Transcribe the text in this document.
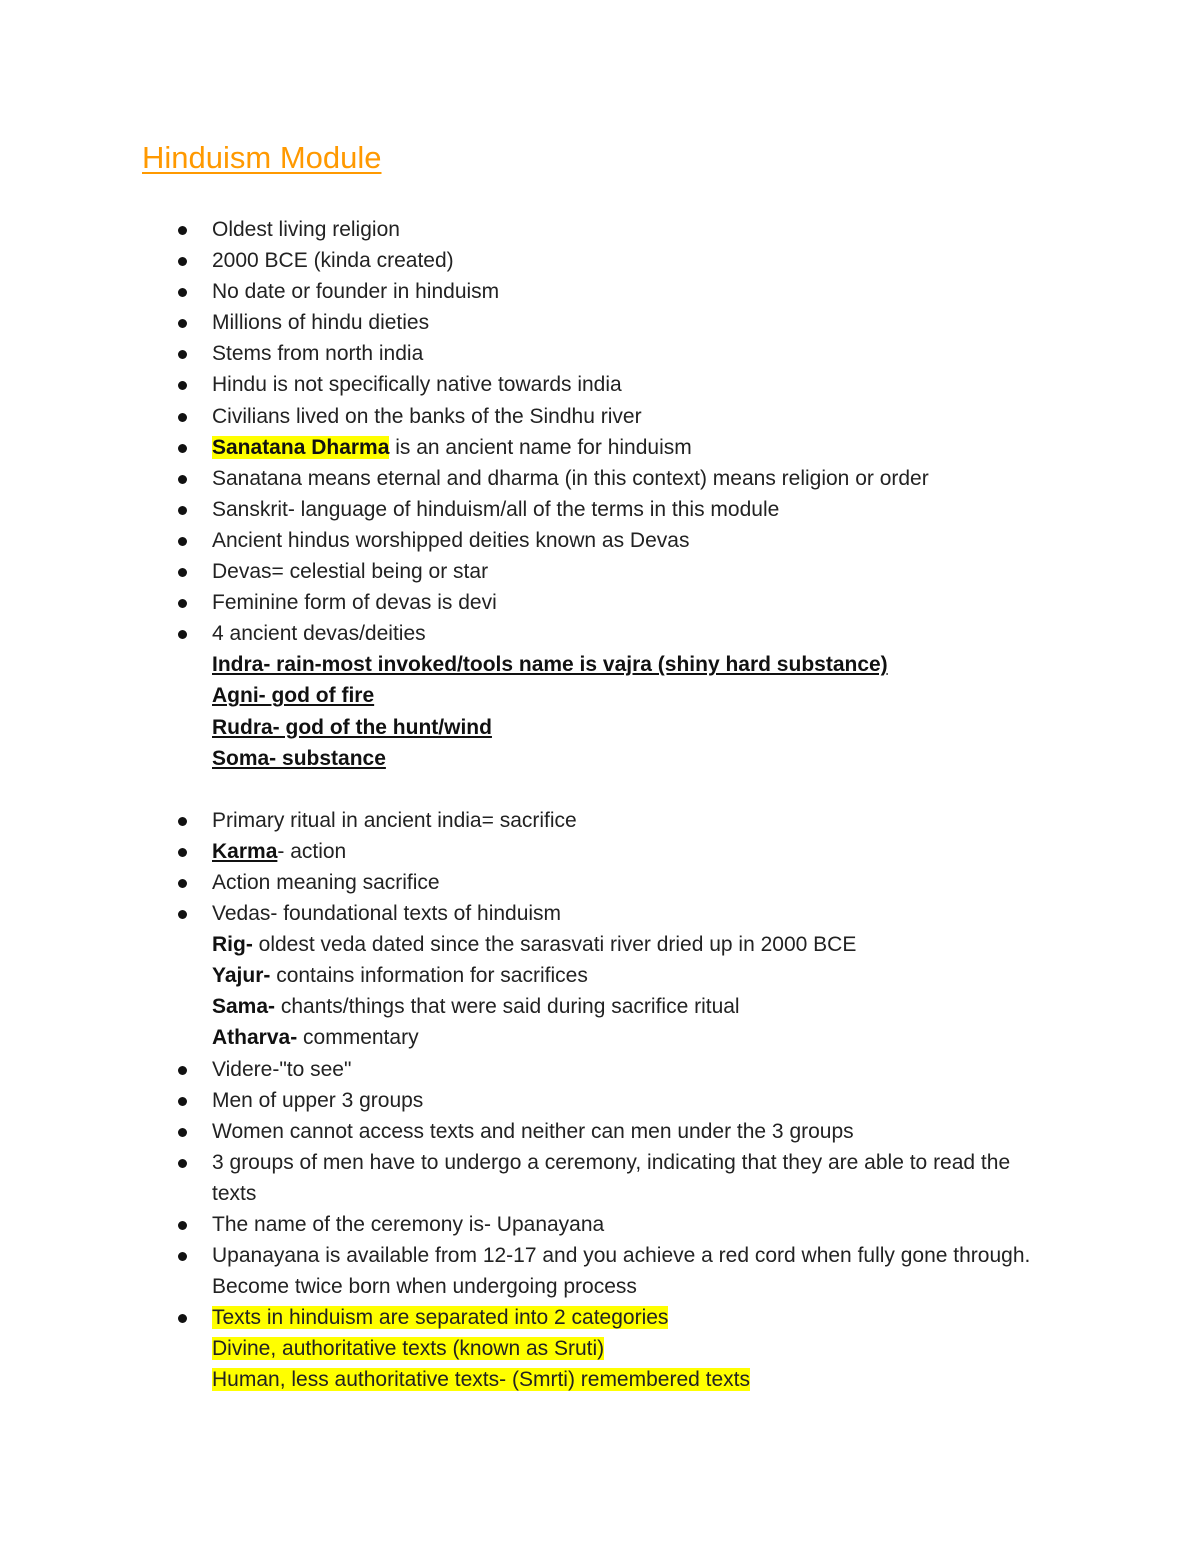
Hinduism Module
Oldest living religion
2000 BCE (kinda created)
No date or founder in hinduism
Millions of hindu dieties
Stems from north india
Hindu is not specifically native towards india
Civilians lived on the banks of the Sindhu river
Sanatana Dharma is an ancient name for hinduism
Sanatana means eternal and dharma (in this context) means religion or order
Sanskrit- language of hinduism/all of the terms in this module
Ancient hindus worshipped deities known as Devas
Devas= celestial being or star
Feminine form of devas is devi
4 ancient devas/deities
Indra- rain-most invoked/tools name is vajra (shiny hard substance)
Agni- god of fire
Rudra- god of the hunt/wind
Soma- substance
Primary ritual in ancient india= sacrifice
Karma- action
Action meaning sacrifice
Vedas- foundational texts of hinduism
Rig- oldest veda dated since the sarasvati river dried up in 2000 BCE
Yajur- contains information for sacrifices
Sama- chants/things that were said during sacrifice ritual
Atharva- commentary
Videre-"to see"
Men of upper 3 groups
Women cannot access texts and neither can men under the 3 groups
3 groups of men have to undergo a ceremony, indicating that they are able to read the texts
The name of the ceremony is- Upanayana
Upanayana is available from 12-17 and you achieve a red cord when fully gone through. Become twice born when undergoing process
Texts in hinduism are separated into 2 categories
Divine, authoritative texts (known as Sruti)
Human, less authoritative texts- (Smrti) remembered texts
